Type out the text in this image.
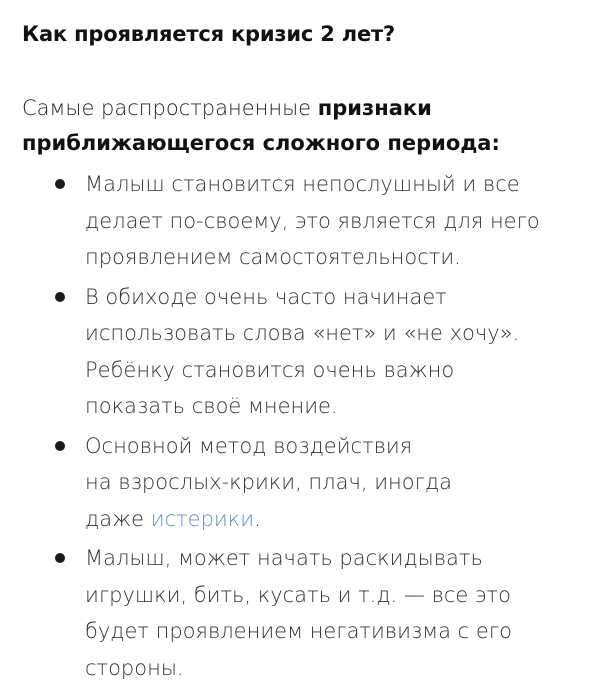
Как проявляется кризис 2 лет?

Самые распространенные признаки
приближающегося сложного периода:

Малыш становится непослушный и все
делает по-своему, это является для него
проявлением самостоятельности.
В обиходе очень часто начинает
использовать слова «нет» и «не хочу».
Ребёнку становится очень важно
показать своё мнение.
Основной метод воздействия
на взрослых-крики, плач, иногда
даже истерики.
Малыш, может начать раскидывать
игрушки, бить, кусать и т.д. — все это
будет проявлением негативизма с его
стороны.
